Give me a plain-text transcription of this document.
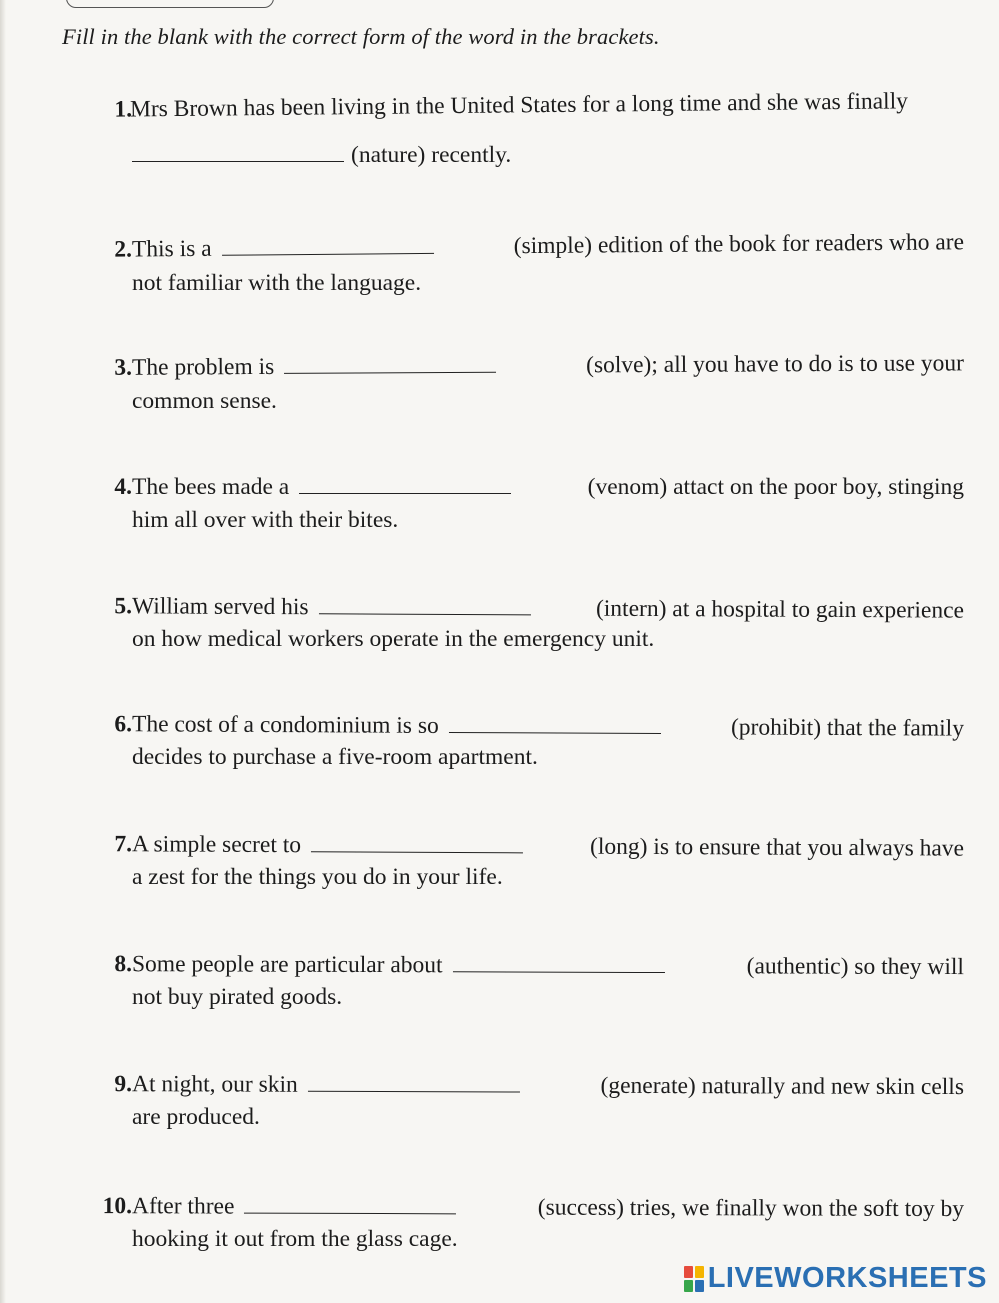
Fill in the blank with the correct form of the word in the brackets.
1.
Mrs Brown has been living in the United States for a long time and she was finally
(nature) recently.
2. This is a	(simple) edition of the book for readers who are
not familiar with the language.
3. The problem is	(solve); all you have to do is to use your
common sense.
4. The bees made a	(venom) attact on the poor boy, stinging
him all over with their bites.
5. William served his	(intern) at a hospital to gain experience
on how medical workers operate in the emergency unit.
6. The cost of a condominium is so	(prohibit) that the family
decides to purchase a five-room apartment.
7. A simple secret to	(long) is to ensure that you always have
a zest for the things you do in your life.
8. Some people are particular about	(authentic) so they will
not buy pirated goods.
9. At night, our skin	(generate) naturally and new skin cells
are produced.
10. After three	(success) tries, we finally won the soft toy by
hooking it out from the glass cage.
LIVEWORKSHEETS
